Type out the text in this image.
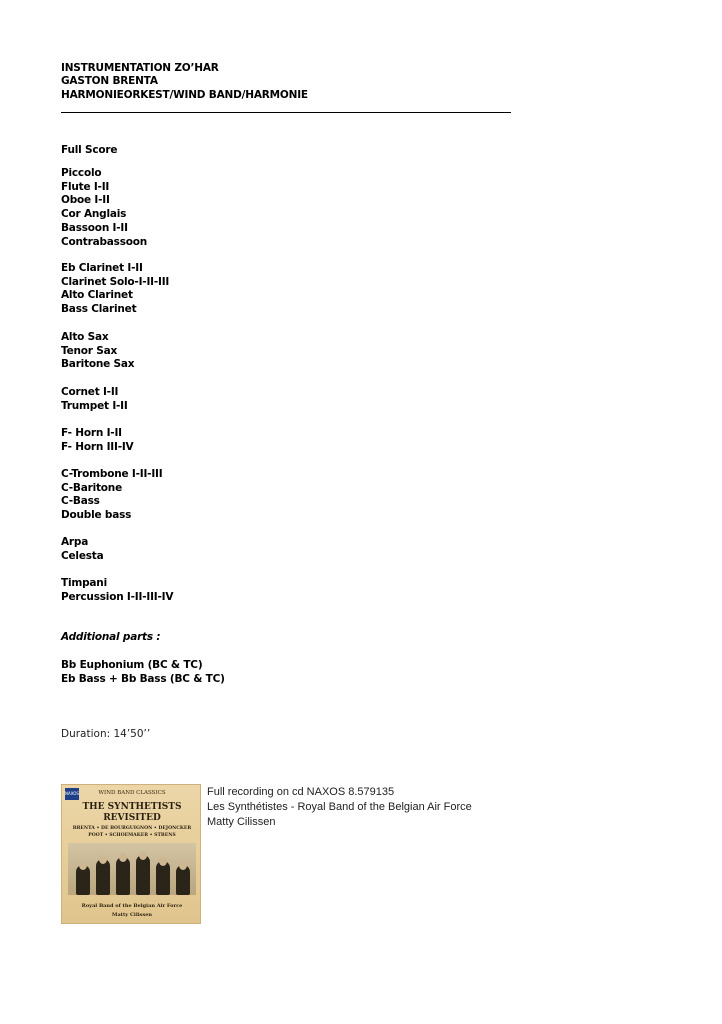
INSTRUMENTATION ZO’HAR
GASTON BRENTA
HARMONIEORKEST/WIND BAND/HARMONIE
Full Score
Piccolo
Flute I-II
Oboe I-II
Cor Anglais
Bassoon I-II
Contrabassoon
Eb Clarinet I-II
Clarinet Solo-I-II-III
Alto Clarinet
Bass Clarinet
Alto Sax
Tenor Sax
Baritone Sax
Cornet I-II
Trumpet I-II
F- Horn I-II
F- Horn III-IV
C-Trombone I-II-III
C-Baritone
C-Bass
Double bass
Arpa
Celesta
Timpani
Percussion I-II-III-IV
Additional parts :
Bb Euphonium (BC & TC)
Eb Bass + Bb Bass (BC & TC)
Duration: 14’50’’
NAXOS	WIND BAND CLASSICS
THE SYNTHETISTS
REVISITED
BRENTA • DE BOURGUIGNON • DEJONCKER
POOT • SCHOEMAKER • STRENS
Royal Band of the Belgian Air Force
Matty Cilissen
Full recording on cd NAXOS 8.579135
Les Synthétistes - Royal Band of the Belgian Air Force
Matty Cilissen
